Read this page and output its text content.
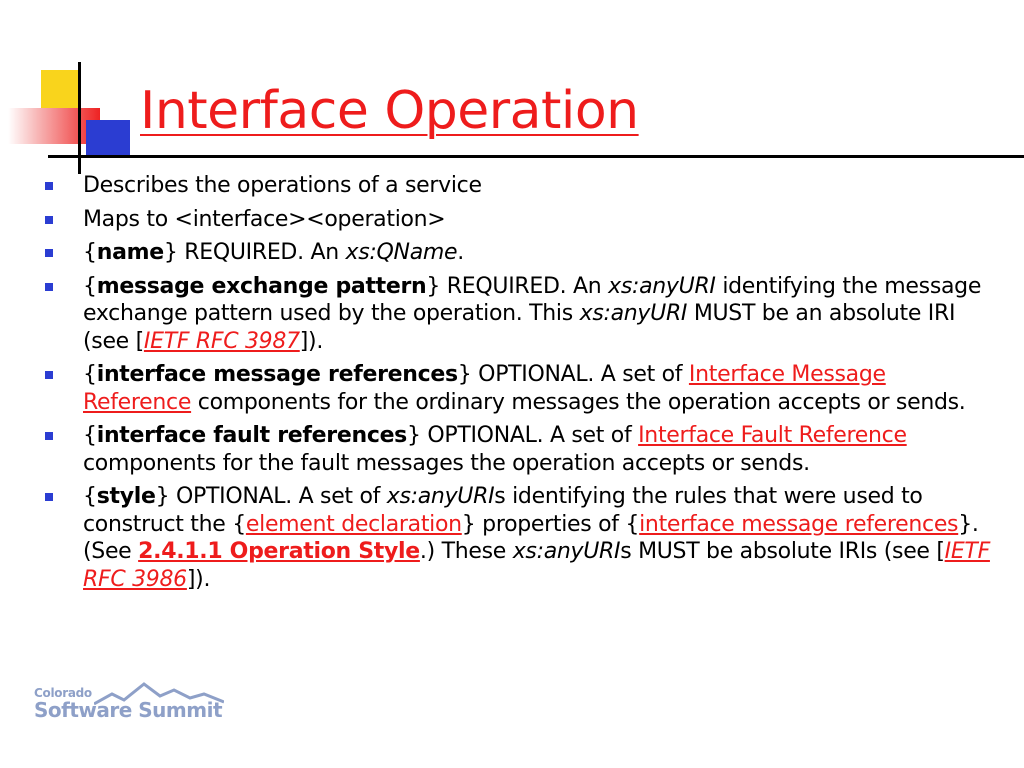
Interface Operation
Describes the operations of a service
Maps to <interface><operation>
{name} REQUIRED. An xs:QName.
{message exchange pattern} REQUIRED. An xs:anyURI identifying the message exchange pattern used by the operation. This xs:anyURI MUST be an absolute IRI (see [IETF RFC 3987]).
{interface message references} OPTIONAL. A set of Interface Message Reference components for the ordinary messages the operation accepts or sends.
{interface fault references} OPTIONAL. A set of Interface Fault Reference components for the fault messages the operation accepts or sends.
{style} OPTIONAL. A set of xs:anyURIs identifying the rules that were used to construct the {element declaration} properties of {interface message references}. (See 2.4.1.1 Operation Style.) These xs:anyURIs MUST be absolute IRIs (see [IETF RFC 3986]).
Colorado
Software Summit
